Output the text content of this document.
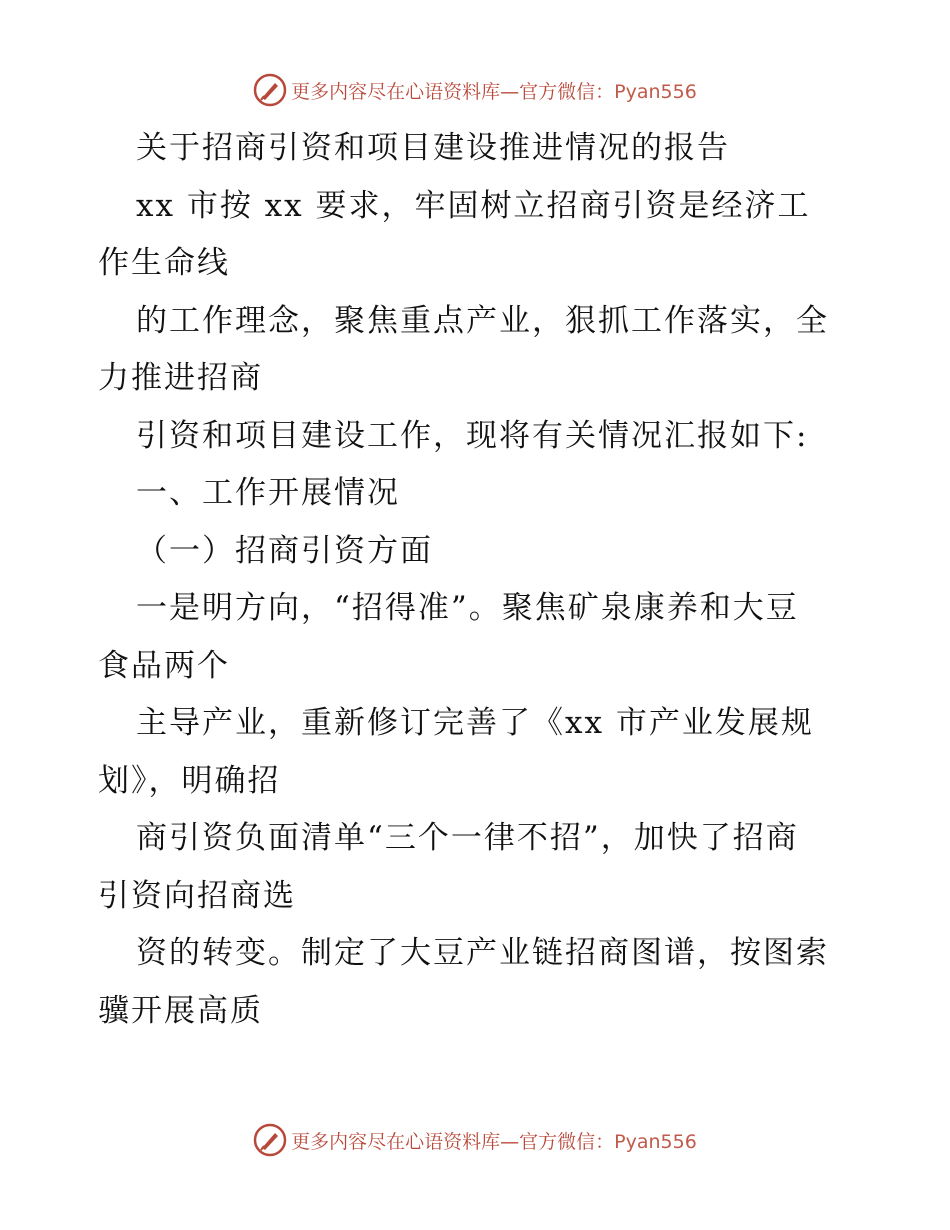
更多内容尽在心语资料库—官方微信：Pyan556
关于招商引资和项目建设推进情况的报告
xx 市按 xx 要求，牢固树立招商引资是经济工
作生命线
的工作理念，聚焦重点产业，狠抓工作落实，全
力推进招商
引资和项目建设工作，现将有关情况汇报如下:
一、工作开展情况
（一）招商引资方面
一是明方向，“招得准”。聚焦矿泉康养和大豆
食品两个
主导产业，重新修订完善了《xx 市产业发展规
划》，明确招
商引资负面清单“三个一律不招”，加快了招商
引资向招商选
资的转变。制定了大豆产业链招商图谱，按图索
骥开展高质
更多内容尽在心语资料库—官方微信：Pyan556
